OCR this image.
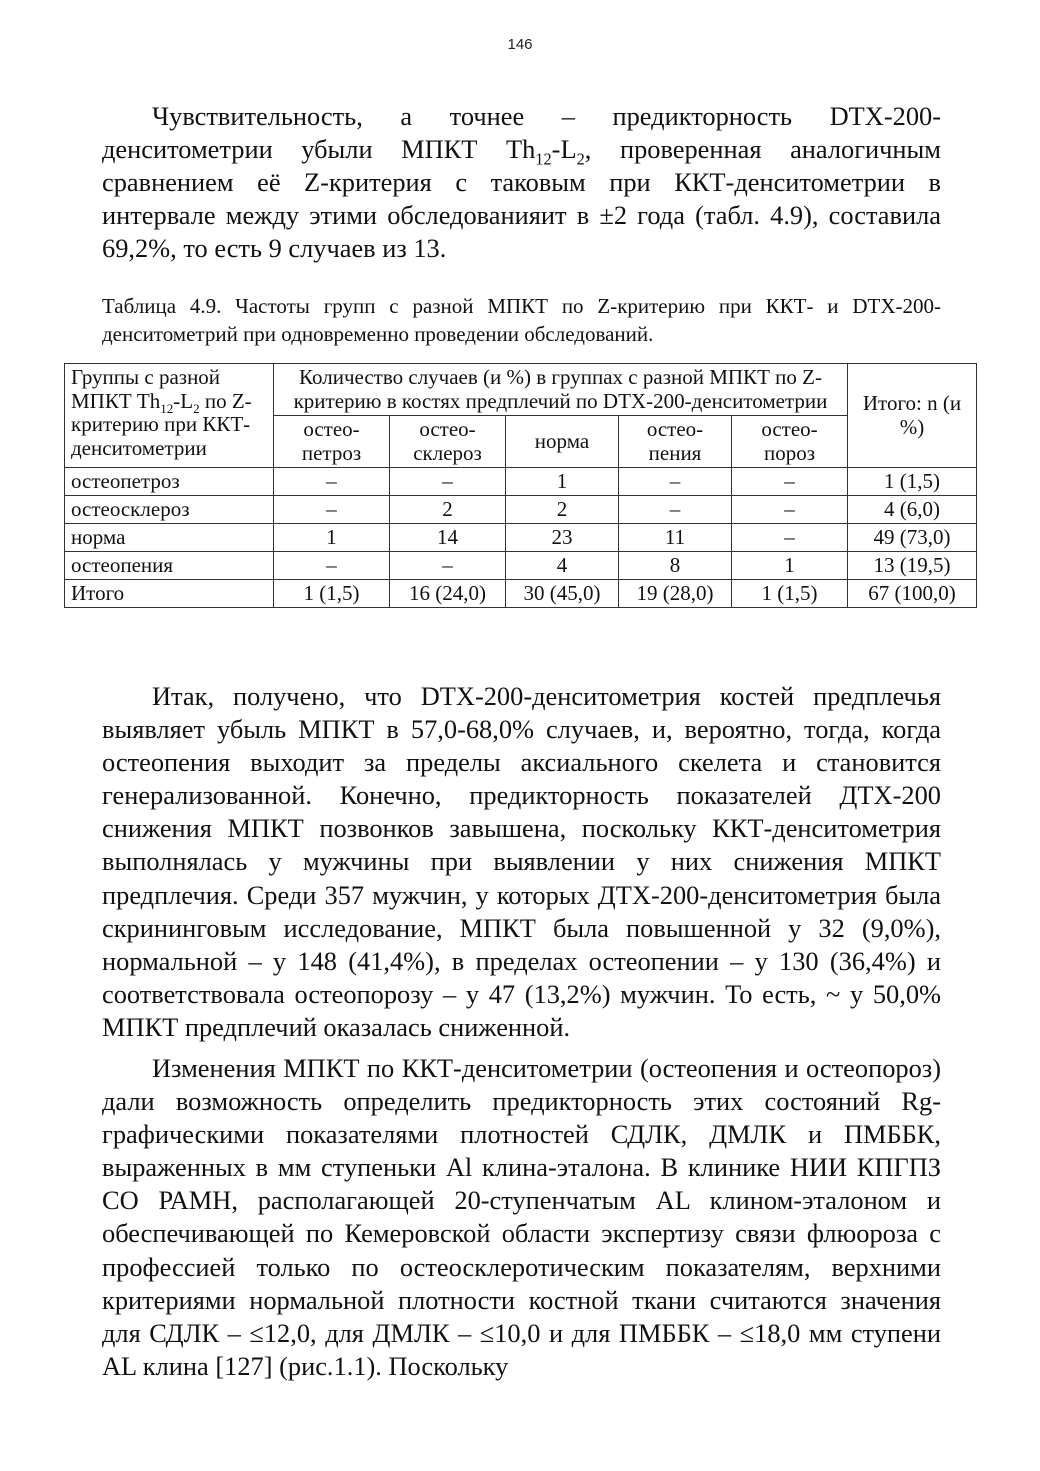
146

Чувствительность, а точнее – предикторность DTX-200-денситометрии убыли МПКТ $Th_{12}-L_2$, проверенная аналогичным сравнением её Z-критерия с таковым при ККТ-денситометрии в интервале между этими обследованияит в ±2 года (табл. 4.9), составила 69,2%, то есть 9 случаев из 13.

Таблица 4.9. Частоты групп с разной МПКТ по Z-критерию при ККТ- и DTX-200-денситометрий при одновременно проведении обследований.

Группы с разной МПКТ $Th_{12}-L_2$ по Z-критерию при ККТ-денситометрии	Количество случаев (и %) в группах с разной МПКТ по Z-критерию в костях предплечий по DTX-200-денситометрии					Итого: n (и %)
	остео-петроз	остео-склероз	норма	остео-пения	остео-пороз	
остеопетроз	–	–	1	–	–	1 (1,5)
остеосклероз	–	2	2	–	–	4 (6,0)
норма	1	14	23	11	–	49 (73,0)
остеопения	–	–	4	8	1	13 (19,5)
Итого	1 (1,5)	16 (24,0)	30 (45,0)	19 (28,0)	1 (1,5)	67 (100,0)

Итак, получено, что DTX-200-денситометрия костей предплечья выявляет убыль МПКТ в 57,0-68,0% случаев, и, вероятно, тогда, когда остеопения выходит за пределы аксиального скелета и становится генерализованной. Конечно, предикторность показателей ДТХ-200 снижения МПКТ позвонков завышена, поскольку ККТ-денситометрия выполнялась у мужчины при выявлении у них снижения МПКТ предплечия. Среди 357 мужчин, у которых ДТХ-200-денситометрия была скрининговым исследование, МПКТ была повышенной у 32 (9,0%), нормальной – у 148 (41,4%), в пределах остеопении – у 130 (36,4%) и соответствовала остеопорозу – у 47 (13,2%) мужчин. То есть, ~ у 50,0% МПКТ предплечий оказалась сниженной.

Изменения МПКТ по ККТ-денситометрии (остеопения и остеопороз) дали возможность определить предикторность этих состояний Rg-графическими показателями плотностей СДЛК, ДМЛК и ПМББК, выраженных в мм ступеньки Al клина-эталона. В клинике НИИ КПГПЗ СО РАМН, располагающей 20-ступенчатым AL клином-эталоном и обеспечивающей по Кемеровской области экспертизу связи флюороза с профессией только по остеосклеротическим показателям, верхними критериями нормальной плотности костной ткани считаются значения для СДЛК – ≤12,0, для ДМЛК – ≤10,0 и для ПМББК – ≤18,0 мм ступени AL клина [127] (рис.1.1). Поскольку
